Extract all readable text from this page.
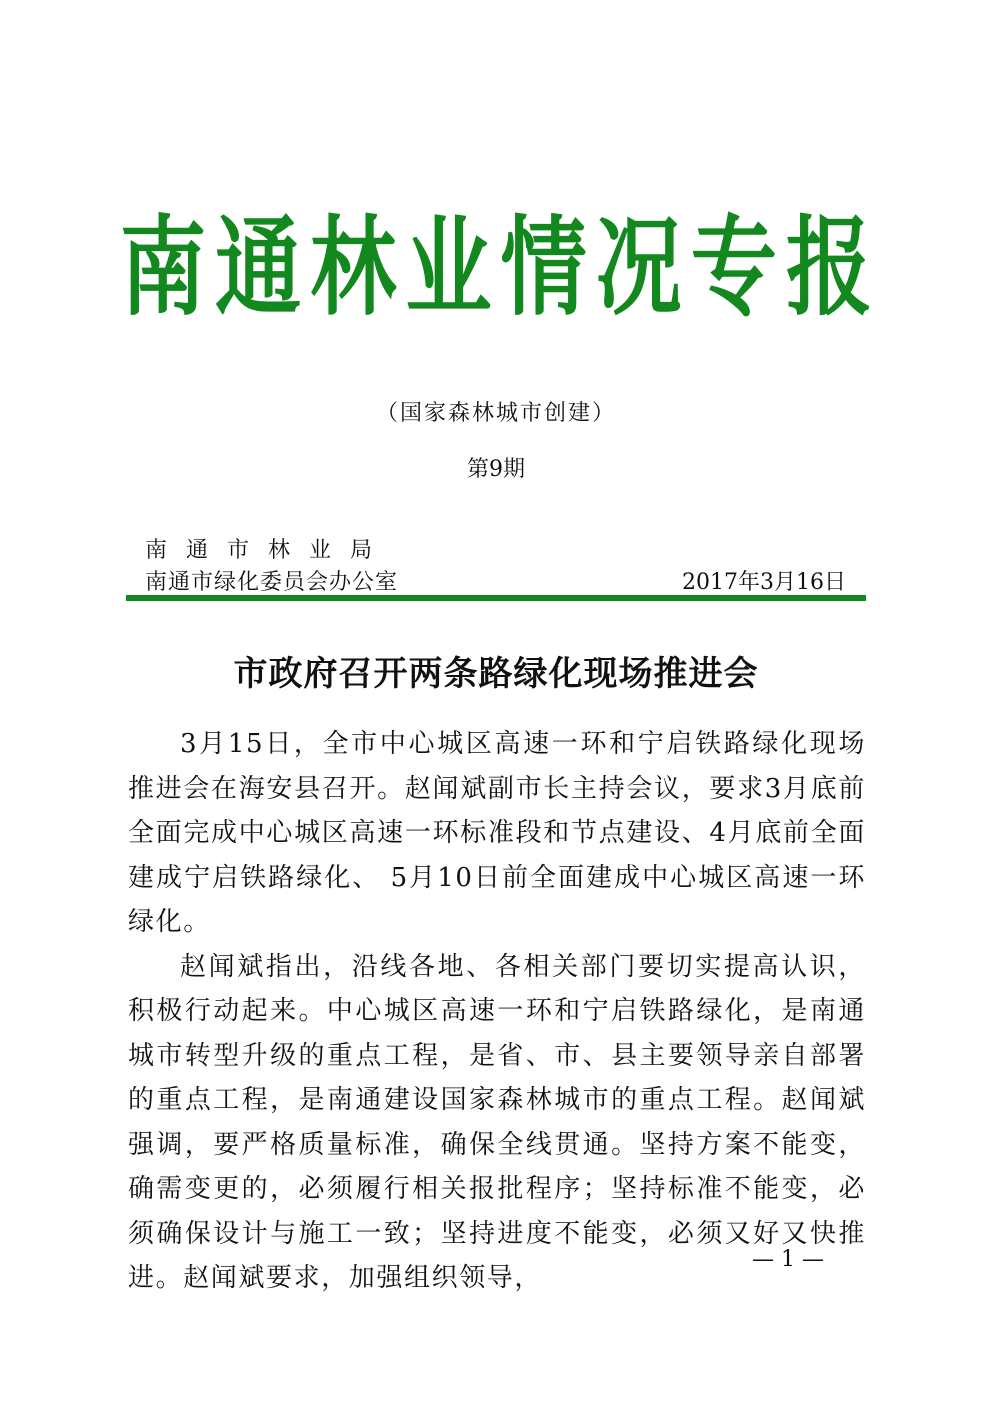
南 通 林 业 情 况 专 报
（国家森林城市创建）
第9期
南通市林业局
南通市绿化委员会办公室	2017年3月16日
市政府召开两条路绿化现场推进会

3月15日，全市中心城区高速一环和宁启铁路绿化现场推进会在海安县召开。赵闻斌副市长主持会议，要求3月底前全面完成中心城区高速一环标准段和节点建设、4月底前全面建成宁启铁路绿化、 5月10日前全面建成中心城区高速一环绿化。

赵闻斌指出，沿线各地、各相关部门要切实提高认识，积极行动起来。中心城区高速一环和宁启铁路绿化，是南通城市转型升级的重点工程，是省、市、县主要领导亲自部署的重点工程，是南通建设国家森林城市的重点工程。赵闻斌强调，要严格质量标准，确保全线贯通。坚持方案不能变，确需变更的，必须履行相关报批程序；坚持标准不能变，必须确保设计与施工一致；坚持进度不能变，必须又好又快推进。赵闻斌要求，加强组织领导，

— 1 —
